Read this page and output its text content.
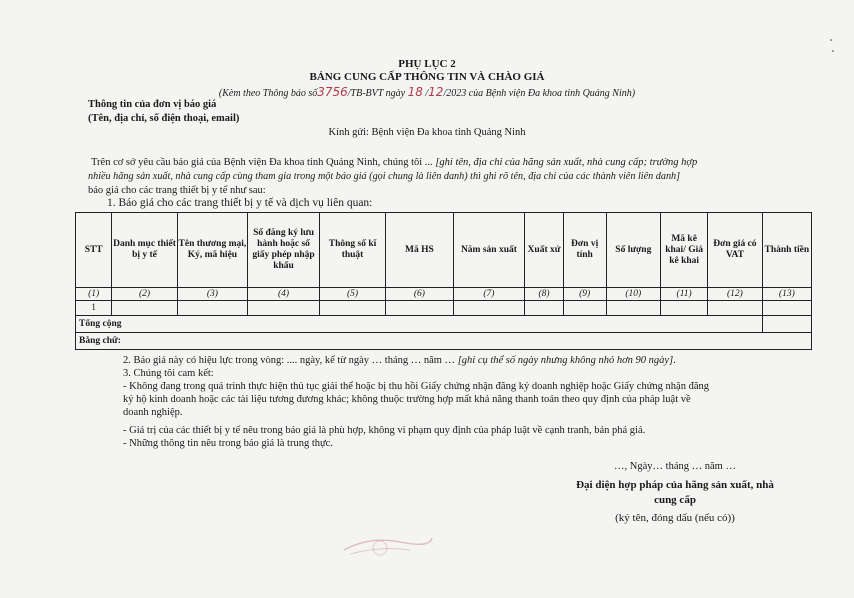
PHỤ LỤC 2
BẢNG CUNG CẤP THÔNG TIN VÀ CHÀO GIÁ
(Kèm theo Thông báo số3756/TB-BVT ngày 18 /12/2023 của Bệnh viện Đa khoa tỉnh Quảng Ninh)
Thông tin của đơn vị báo giá
(Tên, địa chỉ, số điện thoại, email)
Kính gửi: Bệnh viện Đa khoa tỉnh Quảng Ninh
Trên cơ sở yêu cầu báo giá của Bệnh viện Đa khoa tỉnh Quảng Ninh, chúng tôi ... [ghi tên, địa chỉ của hãng sản xuất, nhà cung cấp; trường hợp
nhiều hãng sản xuất, nhà cung cấp cùng tham gia trong một báo giá (gọi chung là liên danh) thì ghi rõ tên, địa chỉ của các thành viên liên danh]
báo giá cho các trang thiết bị y tế như sau:
1. Báo giá cho các trang thiết bị y tế và dịch vụ liên quan:
STT	Danh mục thiết bị y tế	Tên thương mại, Ký, mã hiệu	Số đăng ký lưu hành hoặc số giấy phép nhập khẩu	Thông số kĩ thuật	Mã HS	Năm sản xuất	Xuất xứ	Đơn vị tính	Số lượng	Mã kê khai/ Giá kê khai	Đơn giá có VAT	Thành tiền
(1)	(2)	(3)	(4)	(5)	(6)	(7)	(8)	(9)	(10)	(11)	(12)	(13)
1												
Tổng cộng												
Bằng chữ:												
2. Báo giá này có hiệu lực trong vòng: .... ngày, kể từ ngày … tháng … năm … [ghi cụ thể số ngày nhưng không nhỏ hơn 90 ngày].
3. Chúng tôi cam kết:
- Không đang trong quá trình thực hiện thủ tục giải thể hoặc bị thu hồi Giấy chứng nhận đăng ký doanh nghiệp hoặc Giấy chứng nhận đăng
ký hộ kinh doanh hoặc các tài liệu tương đương khác; không thuộc trường hợp mất khả năng thanh toán theo quy định của pháp luật về
doanh nghiệp.
- Giá trị của các thiết bị y tế nêu trong báo giá là phù hợp, không vi phạm quy định của pháp luật về cạnh tranh, bán phá giá.
- Những thông tin nêu trong báo giá là trung thực.
…, Ngày… tháng … năm …
Đại diện hợp pháp của hãng sản xuất, nhà
cung cấp
(ký tên, đóng dấu (nếu có))
